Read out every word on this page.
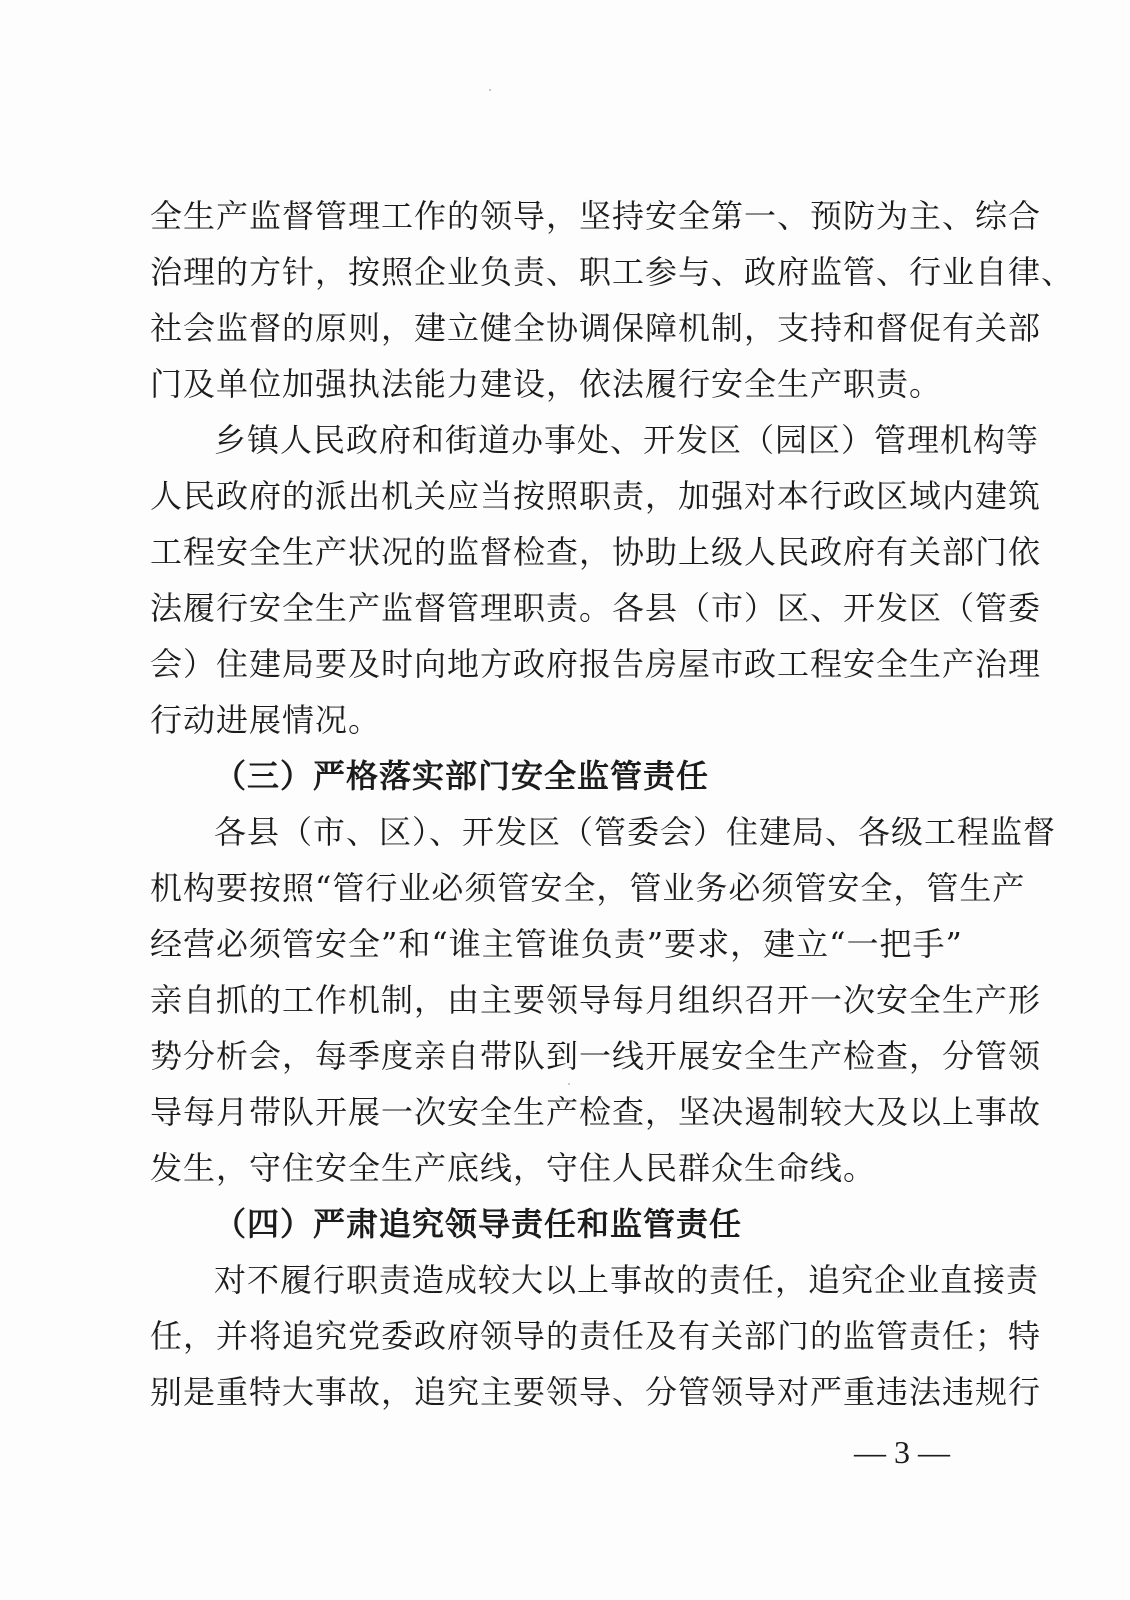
全生产监督管理工作的领导，坚持安全第一、预防为主、综合
治理的方针，按照企业负责、职工参与、政府监管、行业自律、
社会监督的原则，建立健全协调保障机制，支持和督促有关部
门及单位加强执法能力建设，依法履行安全生产职责。
乡镇人民政府和街道办事处、开发区（园区）管理机构等
人民政府的派出机关应当按照职责，加强对本行政区域内建筑
工程安全生产状况的监督检查，协助上级人民政府有关部门依
法履行安全生产监督管理职责。各县（市）区、开发区（管委
会）住建局要及时向地方政府报告房屋市政工程安全生产治理
行动进展情况。
（三）严格落实部门安全监管责任
各县（市、区）、开发区（管委会）住建局、各级工程监督
机构要按照“管行业必须管安全，管业务必须管安全，管生产
经营必须管安全”和“谁主管谁负责”要求，建立“一把手”
亲自抓的工作机制，由主要领导每月组织召开一次安全生产形
势分析会，每季度亲自带队到一线开展安全生产检查，分管领
导每月带队开展一次安全生产检查，坚决遏制较大及以上事故
发生，守住安全生产底线，守住人民群众生命线。
（四）严肃追究领导责任和监管责任
对不履行职责造成较大以上事故的责任，追究企业直接责
任，并将追究党委政府领导的责任及有关部门的监管责任；特
别是重特大事故，追究主要领导、分管领导对严重违法违规行
— 3 —
